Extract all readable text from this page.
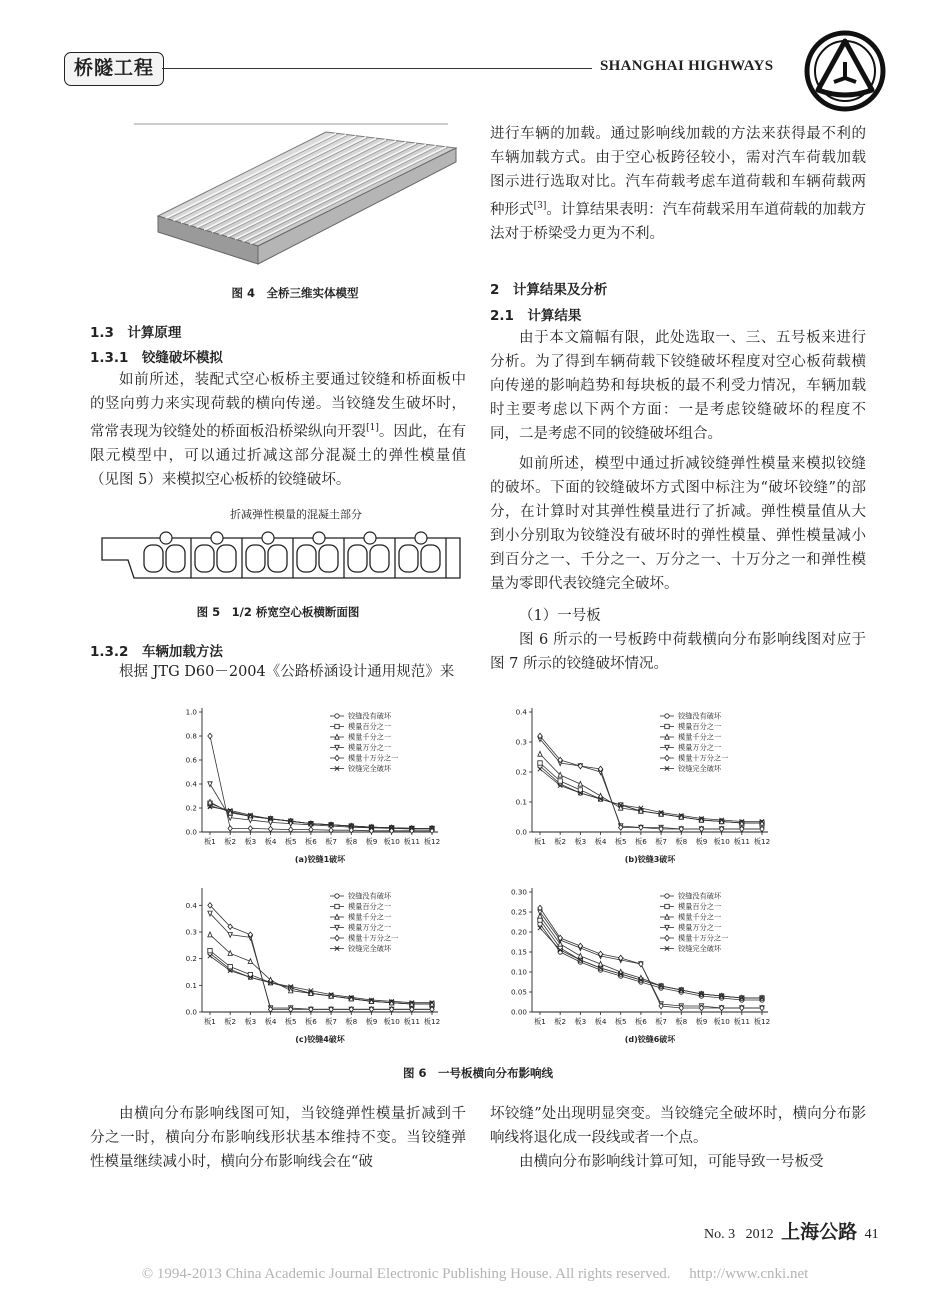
桥隧工程	SHANGHAI HIGHWAYS
图 4　全桥三维实体模型
1.3　计算原理
1.3.1　铰缝破坏模拟

如前所述，装配式空心板桥主要通过铰缝和桥面板中的竖向剪力来实现荷载的横向传递。当铰缝发生破坏时，常常表现为铰缝处的桥面板沿桥梁纵向开裂[1]。因此，在有限元模型中，可以通过折减这部分混凝土的弹性模量值（见图 5）来模拟空心板桥的铰缝破坏。

折减弹性模量的混凝土部分
图 5　1/2 桥宽空心板横断面图
1.3.2　车辆加载方法

根据 JTG D60－2004《公路桥涵设计通用规范》来

进行车辆的加载。通过影响线加载的方法来获得最不利的车辆加载方式。由于空心板跨径较小，需对汽车荷载加载图示进行选取对比。汽车荷载考虑车道荷载和车辆荷载两种形式[3]。计算结果表明：汽车荷载采用车道荷载的加载方法对于桥梁受力更为不利。

2　计算结果及分析
2.1　计算结果

由于本文篇幅有限，此处选取一、三、五号板来进行分析。为了得到车辆荷载下铰缝破坏程度对空心板荷载横向传递的影响趋势和每块板的最不利受力情况，车辆加载时主要考虑以下两个方面：一是考虑铰缝破坏的程度不同，二是考虑不同的铰缝破坏组合。

如前所述，模型中通过折减铰缝弹性模量来模拟铰缝的破坏。下面的铰缝破坏方式图中标注为“破坏铰缝”的部分，在计算时对其弹性模量进行了折减。弹性模量值从大到小分别取为铰缝没有破坏时的弹性模量、弹性模量减小到百分之一、千分之一、万分之一、十万分之一和弹性模量为零即代表铰缝完全破坏。

（1）一号板

图 6 所示的一号板跨中荷载横向分布影响线图对应于图 7 所示的铰缝破坏情况。

0.0
0.2
0.4
0.6
0.8
1.0
板1 板2 板3 板4 板5 板6 板7 板8 板9 板10 板11 板12
铰缝没有破坏
模量百分之一
模量千分之一
模量万分之一
模量十万分之一
铰缝完全破坏
(a)铰缝1破坏
0.0
0.1
0.2
0.3
0.4
板1 板2 板3 板4 板5 板6 板7 板8 板9 板10 板11 板12
铰缝没有破坏
模量百分之一
模量千分之一
模量万分之一
模量十万分之一
铰缝完全破坏
(b)铰缝3破坏
0.0
0.1
0.2
0.3
0.4
板1 板2 板3 板4 板5 板6 板7 板8 板9 板10 板11 板12
铰缝没有破坏
模量百分之一
模量千分之一
模量万分之一
模量十万分之一
铰缝完全破坏
(c)铰缝4破坏
0.00
0.05
0.10
0.15
0.20
0.25
0.30
板1 板2 板3 板4 板5 板6 板7 板8 板9 板10 板11 板12
铰缝没有破坏
模量百分之一
模量千分之一
模量万分之一
模量十万分之一
铰缝完全破坏
(d)铰缝6破坏
图 6　一号板横向分布影响线

由横向分布影响线图可知，当铰缝弹性模量折减到千分之一时，横向分布影响线形状基本维持不变。当铰缝弹性模量继续减小时，横向分布影响线会在“破

坏铰缝”处出现明显突变。当铰缝完全破坏时，横向分布影响线将退化成一段线或者一个点。

由横向分布影响线计算可知，可能导致一号板受

No. 3 2012 上海公路 41
© 1994-2013 China Academic Journal Electronic Publishing House. All rights reserved.　 http://www.cnki.net
